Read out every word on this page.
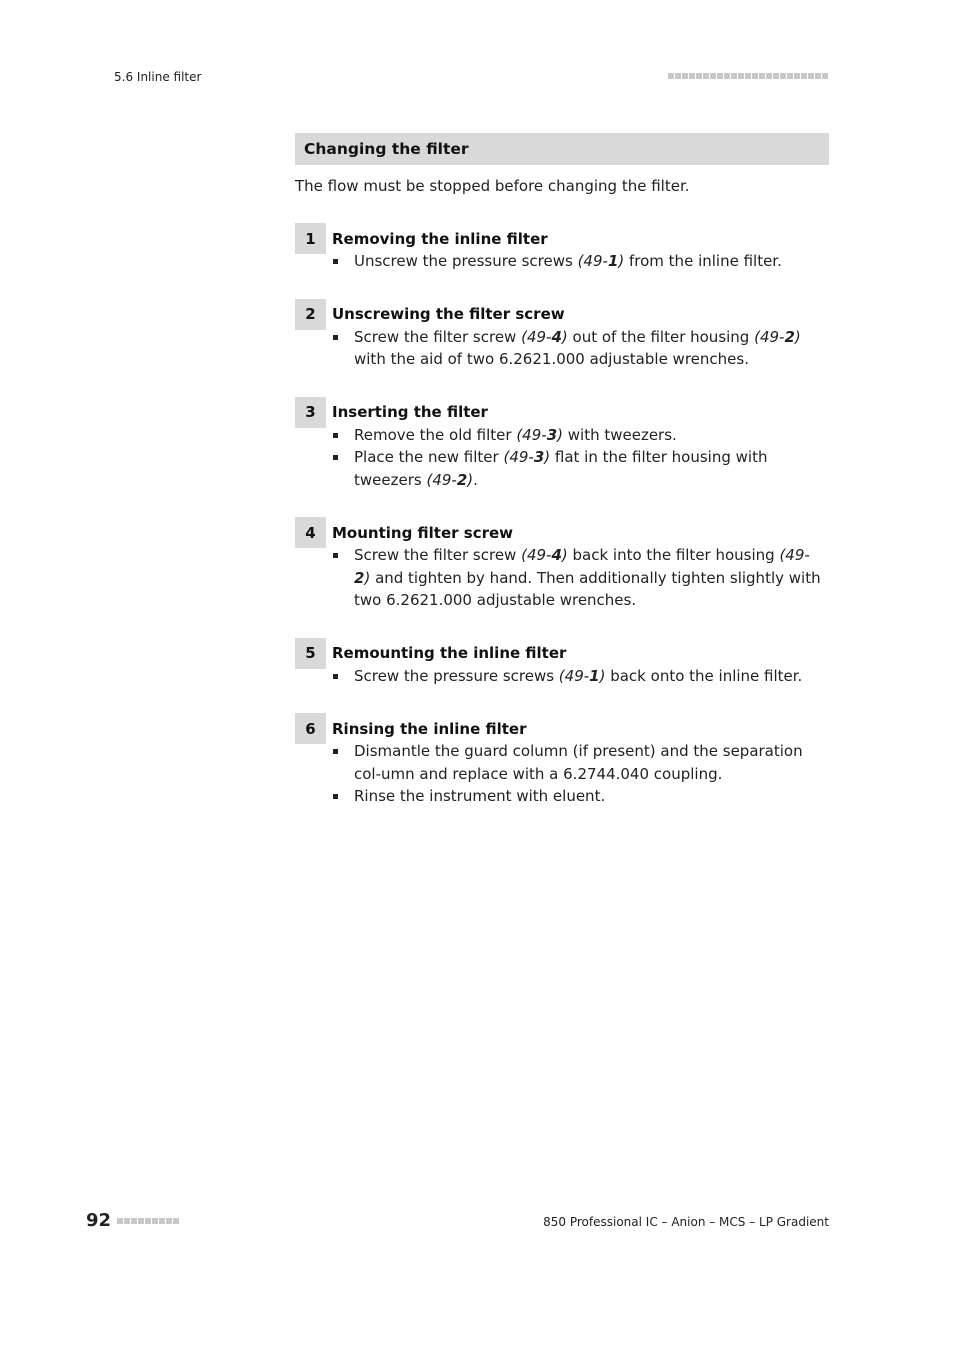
5.6 Inline filter
Changing the filter
The flow must be stopped before changing the filter.
1	Removing the inline filter
Unscrew the pressure screws (49-1) from the inline filter.
2	Unscrewing the filter screw
Screw the filter screw (49-4) out of the filter housing (49-2) with the aid of two 6.2621.000 adjustable wrenches.
3	Inserting the filter
Remove the old filter (49-3) with tweezers.
Place the new filter (49-3) flat in the filter housing with tweezers (49-2).
4	Mounting filter screw
Screw the filter screw (49-4) back into the filter housing (49-2) and tighten by hand. Then additionally tighten slightly with two 6.2621.000 adjustable wrenches.
5	Remounting the inline filter
Screw the pressure screws (49-1) back onto the inline filter.
6	Rinsing the inline filter
Dismantle the guard column (if present) and the separation col-umn and replace with a 6.2744.040 coupling.
Rinse the instrument with eluent.
92	850 Professional IC – Anion – MCS – LP Gradient
